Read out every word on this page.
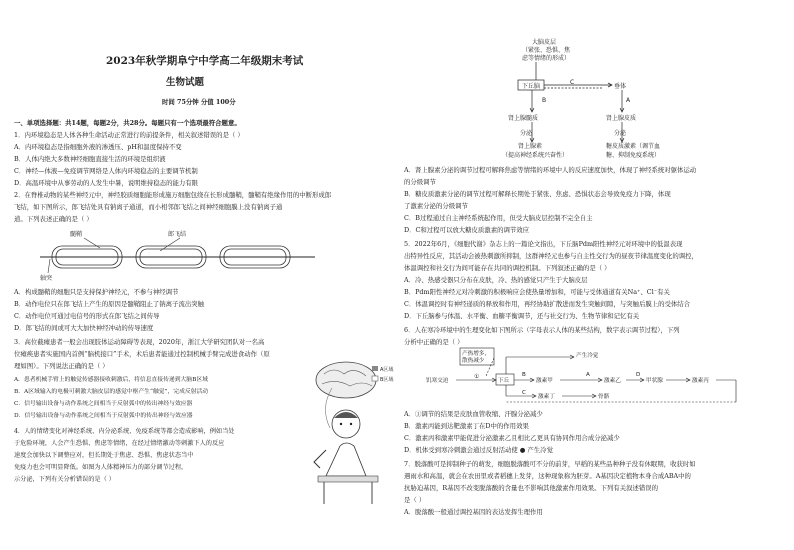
2023年秋学期阜宁中学高二年级期末考试
生物试题
时间 75分钟 分值 100分
一、单项选择题：共14题，每题2分，共28分。每题只有一个选项最符合题意。
1．内环境稳态是人体各种生命活动正常进行的前提条件，相关叙述错误的是（ ）
A．内环境稳态是指细胞外液的渗透压、pH和温度保持不变
B．人体内绝大多数神经细胞直接生活的环境是组织液
C．神经—体液—免疫调节网络是人体内环境稳态的主要调节机制
D．高温环境中从事劳动的人发生中暑，说明维持稳态的能力有限
2．在脊椎动物的某些神经元中，神经胶质细胞能形成施万细胞包绕在长形成髓鞘，髓鞘有绝缘作用的中断形成郎
飞结，如下图所示，郎飞结处具有钠离子通道，而小相邻郎飞结之间神经细胞膜上没有钠离子通
道。下列表述正确的是（ ）
髓鞘	郎飞结
轴突
A．构成髓鞘的细胞只是支持保护神经元，不参与神经调节
B．动作电位只在郎飞结上产生的原因是髓鞘阻止了钠离子流出突触
C．动作电位可通过电信号的形式在郎飞结之间传导
D．郎飞结的间或可大大加快神经冲动的传导速度
3．高位截瘫患者一般会出现肢体运动障碍等表现，2020年，浙江大学研究团队对一名高
位瘫痪患者实施国内首例“脑机接口”手术，术后患者能通过控制机械手臂完成进食动作（原
理如图）。下列说法正确的是（ ）
A．患者机械手臂上的触觉传感器接收刺激后，将信息直接传递到大脑B区域
B．A区域输入的电极可刺激大脑皮层的感觉中枢产生“触觉”，完成反射活动
C．信号输出设备与动作系统之间相当于反射弧中的传出神经与效应器
D．信号输出设备与动作系统之间相当于反射弧中的传出神经与效应器
4．人的情绪变化对神经系统、内分泌系统、免疫系统等都会造成影响，例如当处
于危险环境，人会产生恐惧、焦虑等情绪，在经过情绪激动等刺激下人的反应
速度会加快以下调整应对，但长期处于焦虑、恐惧、焦虑状态当中
免疫力也会可明显降低。如图为人体精神压力的部分调节过程，
示分泌，下列有关分析错误的是（ ）
A区域
B区域
大脑皮层
（紧张、恐惧、焦
虑等情绪的形成）
下丘脑
C
垂体
B	A
肾上腺髓质	肾上腺皮质
分泌	分泌
肾上腺素
（提高神经系统兴奋性）
糖皮质激素（调节血
糖、抑制免疫系统）
A．肾上腺素分泌的调节过程可解释焦虑等情绪的环境中人的反应速度加快，体现了神经系统对躯体运动
的分级调节
B．糖皮质激素分泌的调节过程可解释长期处于紧张、焦虑、恐惧状态会导致免疫力下降，体现
了激素分泌的分级调节
C．B过程通过自主神经系统起作用，但受大脑皮层控制不完全自主
D．C和过程可以放大糖皮质激素的调节效应
5．2022年6月，《细胞代谢》杂志上的一篇论文指出，下丘脑Pdm阳性神经元对环境中的低温表现
出特异性反应，其活动会被热刺激所抑制，这群神经元也参与自主性交行为的昼夜节律温度变化的调控，
体温调控和社交行为间可能存在共同的调控机制。下列叙述正确的是（ ）
A．冷、热感受器只分布在皮肤，冷、热的感觉只产生于大脑皮层
B．Pdm阳性神经元对冷刺激的积极响应会使热量增加和，可能与受体通道有关Na⁺、Cl⁻有关
C．体温调控时有神经递质的释放和作用，再经协助扩散进而发生突触间隙，与突触后膜上的受体结合
D．下丘脑参与体温、水平衡、血糖平衡调节，还与社交行为、生物节律和记忆有关
6．人在寒冷环境中的生理变化如下图所示（字母表示人体的某些结构，数字表示调节过程），下列
分析中正确的是（ ）
产热增多，
散热减少
产生冷觉
饥寒交迫
①
下丘	激素甲	激素乙
激素丁
甲状腺	激素丙
骨骼
B	A
C
D
A．①调节的结果是皮肤血管收缩、汗腺分泌减少
B．激素丙能到达靶激素丁在D中的作用效果
C．激素丙和激素甲能促进分泌激素乙且相比乙更具有协同作用合成分泌减少
D．机体受到寒冷刺激会通过反射活动使 ● 产生冷觉
7．脱落酸可是抑制种子的萌发，细胞脱落酸可不分的前芽，早稻的某些品种种子没有休眠期，收获时如
遇雨水和高温，就会在农田里或者稻穗上发芽，这种现象称为胚芽。A基因决定植物本身合成ABA中的
抗胁迫基因，R基因不改变脱落酸的含量也不影响其他激素作用效果。下列有关叙述错误的
是（ ）
A．脱落酸一般通过调控基因的表达发挥生理作用
